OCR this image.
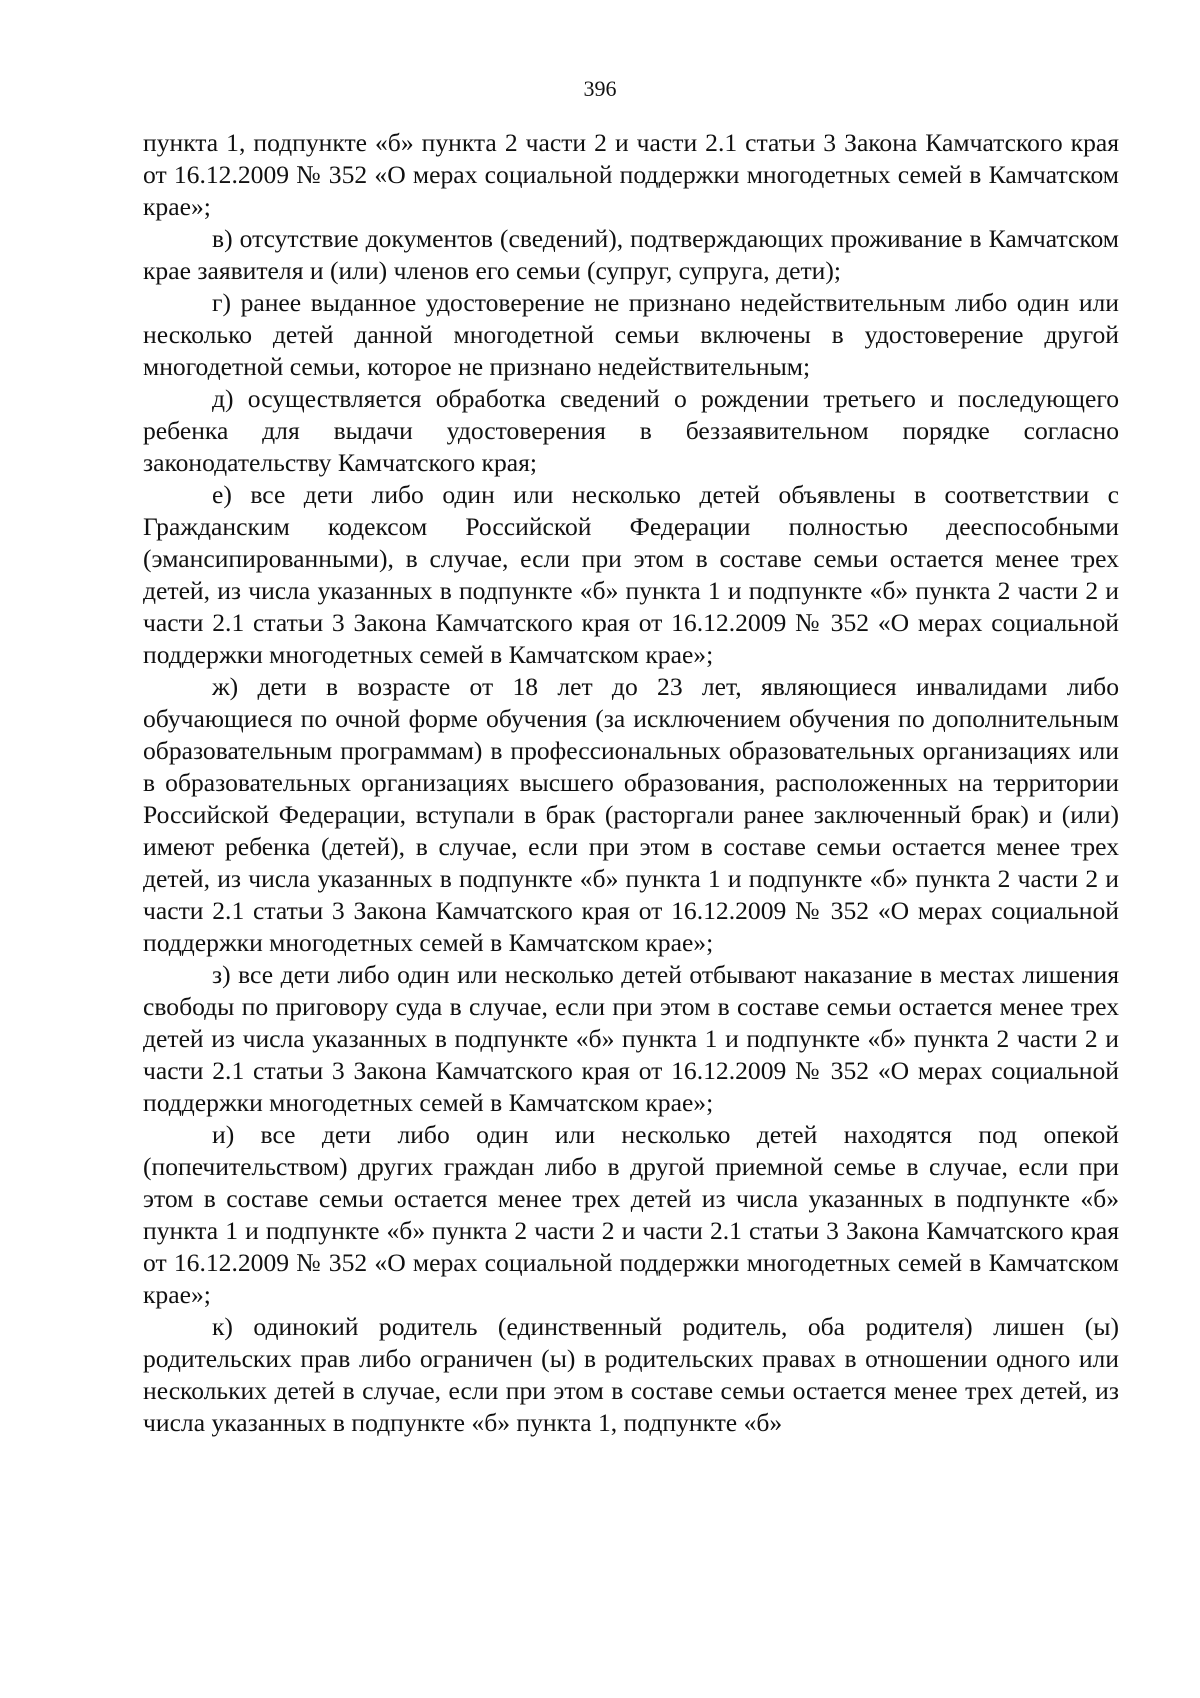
396

пункта 1, подпункте «б» пункта 2 части 2 и части 2.1 статьи 3 Закона Камчатского края от 16.12.2009 № 352 «О мерах социальной поддержки многодетных семей в Камчатском крае»;

в) отсутствие документов (сведений), подтверждающих проживание в Камчатском крае заявителя и (или) членов его семьи (супруг, супруга, дети);

г) ранее выданное удостоверение не признано недействительным либо один или несколько детей данной многодетной семьи включены в удостоверение другой многодетной семьи, которое не признано недействительным;

д) осуществляется обработка сведений о рождении третьего и последующего ребенка для выдачи удостоверения в беззаявительном порядке согласно законодательству Камчатского края;

е) все дети либо один или несколько детей объявлены в соответствии с Гражданским кодексом Российской Федерации полностью дееспособными (эмансипированными), в случае, если при этом в составе семьи остается менее трех детей, из числа указанных в подпункте «б» пункта 1 и подпункте «б» пункта 2 части 2 и части 2.1 статьи 3 Закона Камчатского края от 16.12.2009 № 352 «О мерах социальной поддержки многодетных семей в Камчатском крае»;

ж) дети в возрасте от 18 лет до 23 лет, являющиеся инвалидами либо обучающиеся по очной форме обучения (за исключением обучения по дополнительным образовательным программам) в профессиональных образовательных организациях или в образовательных организациях высшего образования, расположенных на территории Российской Федерации, вступали в брак (расторгали ранее заключенный брак) и (или) имеют ребенка (детей), в случае, если при этом в составе семьи остается менее трех детей, из числа указанных в подпункте «б» пункта 1 и подпункте «б» пункта 2 части 2 и части 2.1 статьи 3 Закона Камчатского края от 16.12.2009 № 352 «О мерах социальной поддержки многодетных семей в Камчатском крае»;

з) все дети либо один или несколько детей отбывают наказание в местах лишения свободы по приговору суда в случае, если при этом в составе семьи остается менее трех детей из числа указанных в подпункте «б» пункта 1 и подпункте «б» пункта 2 части 2 и части 2.1 статьи 3 Закона Камчатского края от 16.12.2009 № 352 «О мерах социальной поддержки многодетных семей в Камчатском крае»;

и) все дети либо один или несколько детей находятся под опекой (попечительством) других граждан либо в другой приемной семье в случае, если при этом в составе семьи остается менее трех детей из числа указанных в подпункте «б» пункта 1 и подпункте «б» пункта 2 части 2 и части 2.1 статьи 3 Закона Камчатского края от 16.12.2009 № 352 «О мерах социальной поддержки многодетных семей в Камчатском крае»;

к) одинокий родитель (единственный родитель, оба родителя) лишен (ы) родительских прав либо ограничен (ы) в родительских правах в отношении одного или нескольких детей в случае, если при этом в составе семьи остается менее трех детей, из числа указанных в подпункте «б» пункта 1, подпункте «б»
